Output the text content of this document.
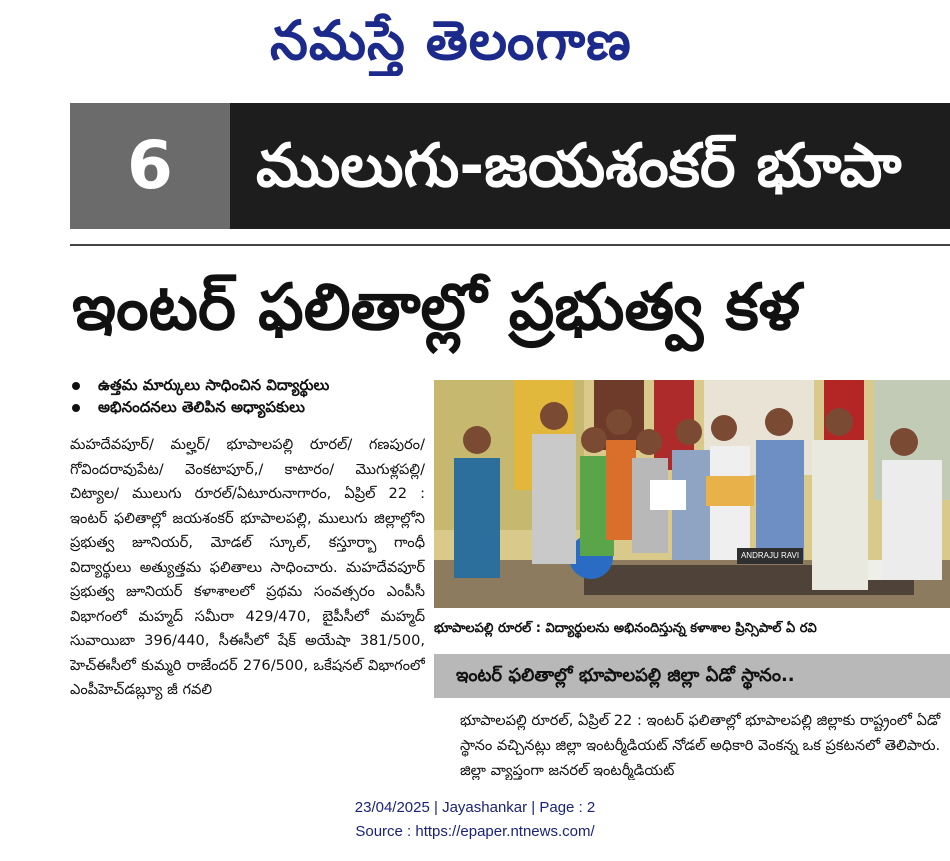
నమస్తే తెలంగాణ
6	ములుగు-జయశంకర్ భూపా
ఇంటర్ ఫలితాల్లో ప్రభుత్వ కళ
ఉత్తమ మార్కులు సాధించిన విద్యార్థులు
అభినందనలు తెలిపిన అధ్యాపకులు

మహదేవపూర్/ మల్హర్/ భూపాలపల్లి రూరల్/ గణపురం/ గోవిందరావుపేట/ వెంకటాపూర్,/ కాటారం/ మొగుళ్లపల్లి/ చిట్యాల/ ములుగు రూరల్/ఏటూరునాగారం, ఏప్రిల్ 22 : ఇంటర్ ఫలితాల్లో జయశంకర్ భూపాలపల్లి, ములుగు జిల్లాల్లోని ప్రభుత్వ జూనియర్, మోడల్ స్కూల్, కస్తూర్బా గాంధీ విద్యార్థులు అత్యుత్తమ ఫలితాలు సాధించారు. మహదేవపూర్ ప్రభుత్వ జూనియర్ కళాశాలలో ప్రథమ సంవత్సరం ఎంపీసీ విభాగంలో మహ్మద్ సమీరా 429/470, బైపీసీలో మహ్మద్ సువాయిబా 396/440, సీఈసీలో షేక్ అయేషా 381/500, హెచ్ఈసీలో కుమ్మరి రాజేందర్ 276/500, ఒకేషనల్ విభాగంలో ఎంపీహెచ్‌డబ్ల్యూ జీ గవలి

ANDRAJU RAVI
భూపాలపల్లి రూరల్ : విద్యార్థులను అభినందిస్తున్న కళాశాల ప్రిన్సిపాల్ ఏ రవి
ఇంటర్ ఫలితాల్లో భూపాలపల్లి జిల్లా ఏడో స్థానం..

భూపాలపల్లి రూరల్, ఏప్రిల్ 22 : ఇంటర్ ఫలితాల్లో భూపాలపల్లి జిల్లాకు రాష్ట్రంలో ఏడో స్థానం వచ్చినట్లు జిల్లా ఇంటర్మీడియట్ నోడల్ అధికారి వెంకన్న ఒక ప్రకటనలో తెలిపారు. జిల్లా వ్యాప్తంగా జనరల్ ఇంటర్మీడియట్

23/04/2025 | Jayashankar | Page : 2
Source : https://epaper.ntnews.com/
